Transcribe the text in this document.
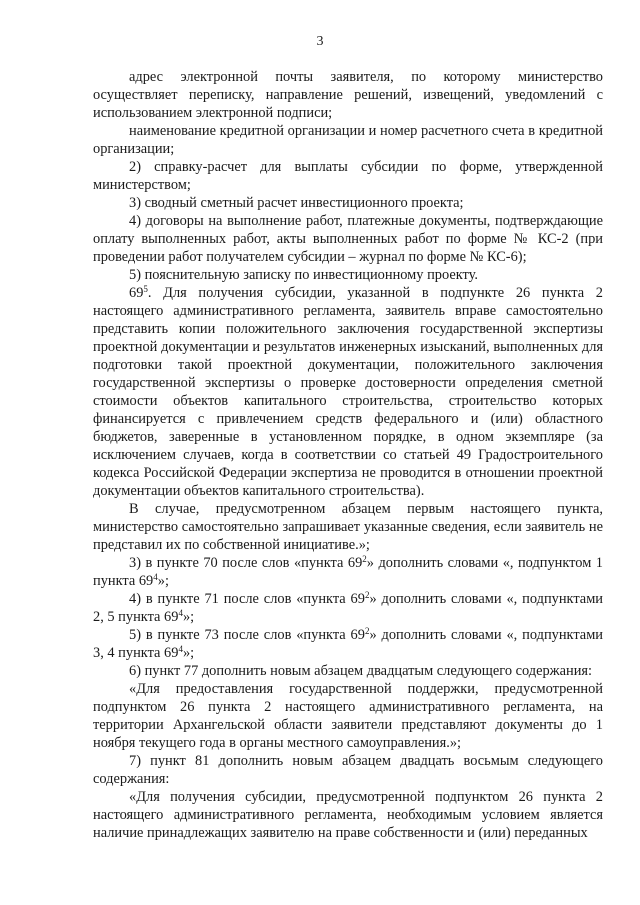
3

адрес электронной почты заявителя, по которому министерство осуществляет переписку, направление решений, извещений, уведомлений с использованием электронной подписи;

наименование кредитной организации и номер расчетного счета в кредитной организации;

2) справку-расчет для выплаты субсидии по форме, утвержденной министерством;

3) сводный сметный расчет инвестиционного проекта;

4) договоры на выполнение работ, платежные документы, подтверждающие оплату выполненных работ, акты выполненных работ по форме № КС-2 (при проведении работ получателем субсидии – журнал по форме № КС-6);

5) пояснительную записку по инвестиционному проекту.

$69^5$. Для получения субсидии, указанной в подпункте 26 пункта 2 настоящего административного регламента, заявитель вправе самостоятельно представить копии положительного заключения государственной экспертизы проектной документации и результатов инженерных изысканий, выполненных для подготовки такой проектной документации, положительного заключения государственной экспертизы о проверке достоверности определения сметной стоимости объектов капитального строительства, строительство которых финансируется с привлечением средств федерального и (или) областного бюджетов, заверенные в установленном порядке, в одном экземпляре (за исключением случаев, когда в соответствии со статьей 49 Градостроительного кодекса Российской Федерации экспертиза не проводится в отношении проектной документации объектов капитального строительства).

В случае, предусмотренном абзацем первым настоящего пункта, министерство самостоятельно запрашивает указанные сведения, если заявитель не представил их по собственной инициативе.»;

3) в пункте 70 после слов «пункта $69^2$» дополнить словами «, подпунктом 1 пункта $69^4$»;

4) в пункте 71 после слов «пункта $69^2$» дополнить словами «, подпунктами 2, 5 пункта $69^4$»;

5) в пункте 73 после слов «пункта $69^2$» дополнить словами «, подпунктами 3, 4 пункта $69^4$»;

6) пункт 77 дополнить новым абзацем двадцатым следующего содержания:

«Для предоставления государственной поддержки, предусмотренной подпунктом 26 пункта 2 настоящего административного регламента, на территории Архангельской области заявители представляют документы до 1 ноября текущего года в органы местного самоуправления.»;

7) пункт 81 дополнить новым абзацем двадцать восьмым следующего содержания:

«Для получения субсидии, предусмотренной подпунктом 26 пункта 2 настоящего административного регламента, необходимым условием является наличие принадлежащих заявителю на праве собственности и (или) переданных
